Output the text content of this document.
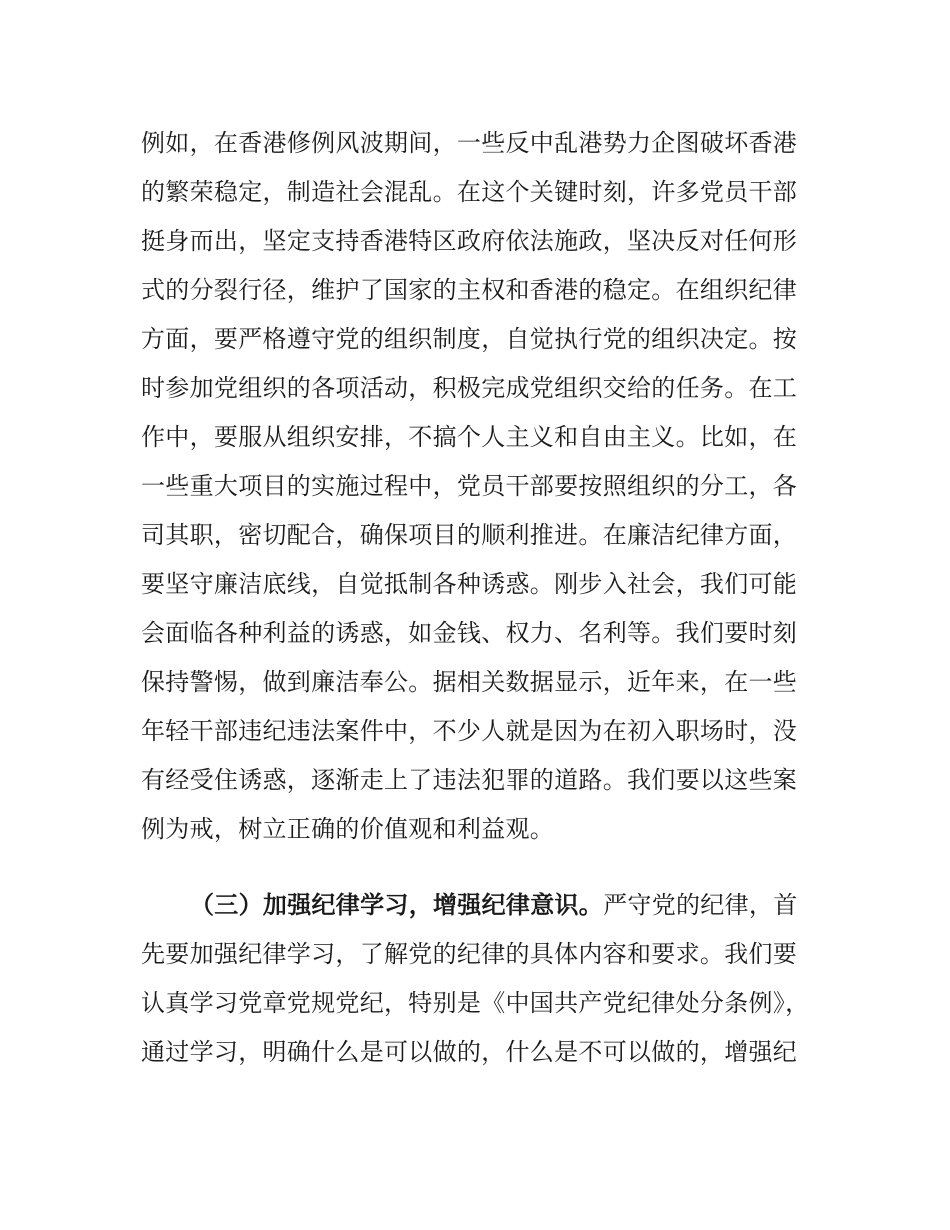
例如，在香港修例风波期间，一些反中乱港势力企图破坏香港
的繁荣稳定，制造社会混乱。在这个关键时刻，许多党员干部
挺身而出，坚定支持香港特区政府依法施政，坚决反对任何形
式的分裂行径，维护了国家的主权和香港的稳定。在组织纪律
方面，要严格遵守党的组织制度，自觉执行党的组织决定。按
时参加党组织的各项活动，积极完成党组织交给的任务。在工
作中，要服从组织安排，不搞个人主义和自由主义。比如，在
一些重大项目的实施过程中，党员干部要按照组织的分工，各
司其职，密切配合，确保项目的顺利推进。在廉洁纪律方面，
要坚守廉洁底线，自觉抵制各种诱惑。刚步入社会，我们可能
会面临各种利益的诱惑，如金钱、权力、名利等。我们要时刻
保持警惕，做到廉洁奉公。据相关数据显示，近年来，在一些
年轻干部违纪违法案件中，不少人就是因为在初入职场时，没
有经受住诱惑，逐渐走上了违法犯罪的道路。我们要以这些案
例为戒，树立正确的价值观和利益观。
（三）加强纪律学习，增强纪律意识。严守党的纪律，首
先要加强纪律学习，了解党的纪律的具体内容和要求。我们要
认真学习党章党规党纪，特别是《中国共产党纪律处分条例》，
通过学习，明确什么是可以做的，什么是不可以做的，增强纪
